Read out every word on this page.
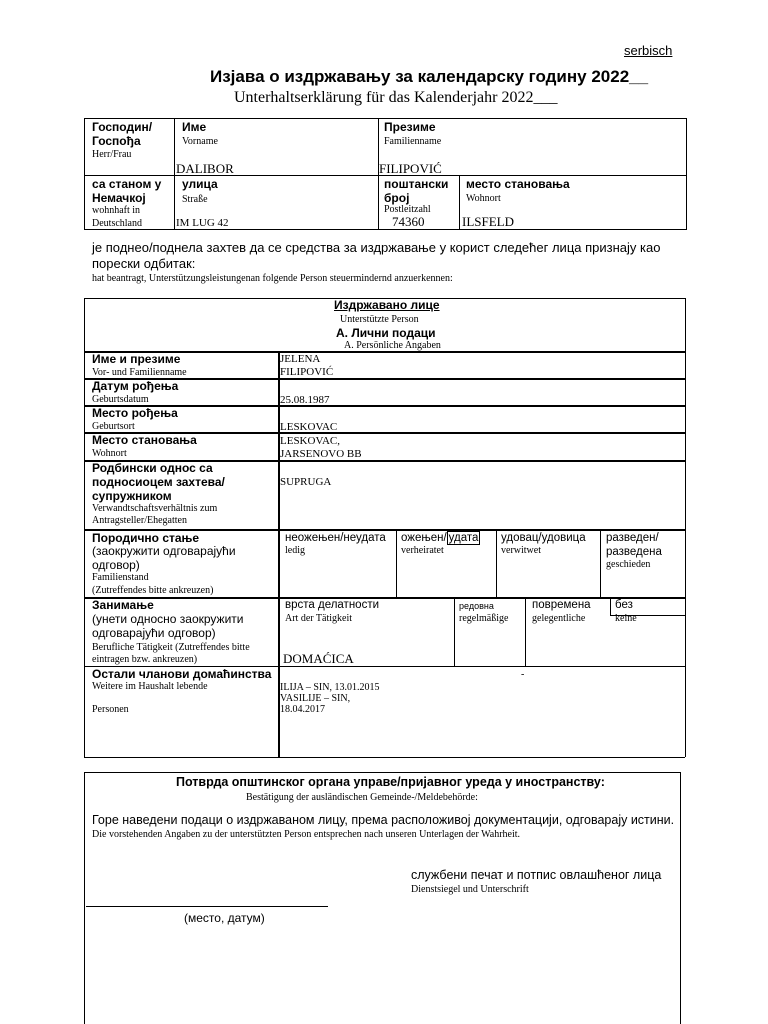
serbisch
Изјава о издржавању за календарску годину 2022__
Unterhaltserklärung für das Kalenderjahr 2022___
Господин/ Госпођа
Herr/Frau
Име
Vorname
DALIBOR
Презиме
Familienname
FILIPOVIĆ
са станом у Немачкој
wohnhaft in Deutschland
улица
Straße
IM LUG 42
поштански број
Postleitzahl
74360
место становања
Wohnort
ILSFELD
је поднео/поднела захтев да се средства за издржавање у корист следећег лица признају као порески одбитак:
hat beantragt, Unterstützungsleistungenan folgende Person steuermindernd anzuerkennen:
Издржавано лице
Unterstützte Person
А. Лични подаци
A. Persönliche Angaben
Име и презиме
Vor- und Familienname
JELENA
FILIPOVIĆ
Датум рођења
Geburtsdatum	25.08.1987
Место рођења
Geburtsort	LESKOVAC
Место становања
Wohnort
LESKOVAC,
JARSENOVO BB
Родбински однос са подносиоцем захтева/супружником
Verwandtschaftsverhältnis zum Antragsteller/Ehegatten
SUPRUGA
Породично стање
(заокружити одговарајући одговор)
Familienstand
(Zutreffendes bitte ankreuzen)
неожењен/неудата
ledig
ожењен/ удата
verheiratet
удовац/удовица
verwitwet
разведен/ разведена
geschieden
Занимање
(унети односно заокружити одговарајући одговор)
Berufliche Tätigkeit (Zutreffendes bitte eintragen bzw. ankreuzen)
врста делатности
Art der Tätigkeit
DOMAĆICA
редовна
regelmäßige
повремена
gelegentliche
без
keine
Остали чланови домаћинства
Weitere im Haushalt lebende
Personen
ILIJA – SIN, 13.01.2015
VASILIJE – SIN,
18.04.2017
-
Потврда општинског органа управе/пријавног уреда у иностранству:
Bestätigung der ausländischen Gemeinde-/Meldebehörde:
Горе наведени подаци о издржаваном лицу, према расположивој документацији, одговарају истини.
Die vorstehenden Angaben zu der unterstützten Person entsprechen nach unseren Unterlagen der Wahrheit.
службени печат и потпис овлашћеног лица
Dienstsiegel und Unterschrift
(место, датум)
